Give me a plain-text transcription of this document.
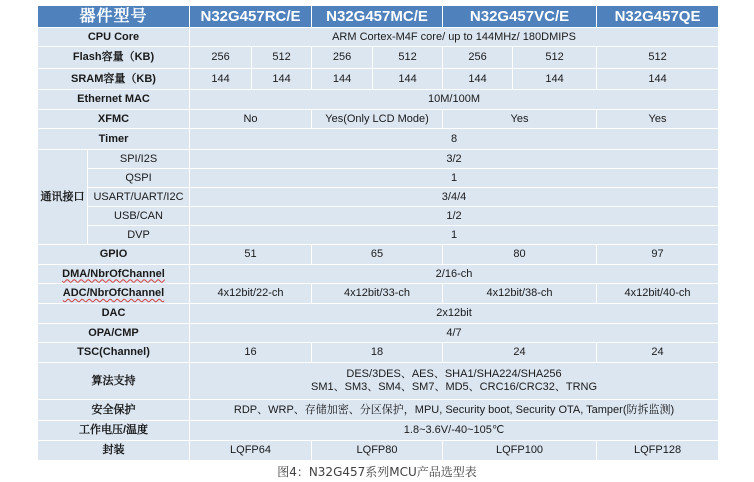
器件型号		N32G457RC/E		N32G457MC/E		N32G457VC/E		N32G457QE
CPU Core		ARM Cortex-M4F core/ up to 144MHz/ 180DMIPS						
Flash容量（KB)		256	512	256	512	256	512	512
SRAM容量（KB)		144	144	144	144	144	144	144
Ethernet MAC		10M/100M						
XFMC		No		Yes(Only LCD Mode)		Yes		Yes
Timer		8						
通讯接口	SPI/I2S	3/2						
	QSPI	1						
	USART/UART/I2C	3/4/4						
	USB/CAN	1/2						
	DVP	1						
GPIO		51		65		80		97
DMA/NbrOfChannel		2/16-ch						
ADC/NbrOfChannel		4x12bit/22-ch		4x12bit/33-ch		4x12bit/38-ch		4x12bit/40-ch
DAC		2x12bit						
OPA/CMP		4/7						
TSC(Channel)		16		18		24		24
算法支持		DES/3DES、AES、SHA1/SHA224/SHA256
SM1、SM3、SM4、SM7、MD5、CRC16/CRC32、TRNG						

安全保护		RDP、WRP、存储加密、分区保护，MPU, Security boot, Security OTA, Tamper(防拆监测)						
工作电压/温度		1.8~3.6V/-40~105℃						
封装		LQFP64		LQFP80		LQFP100		LQFP128
图4：N32G457系列MCU产品选型表
